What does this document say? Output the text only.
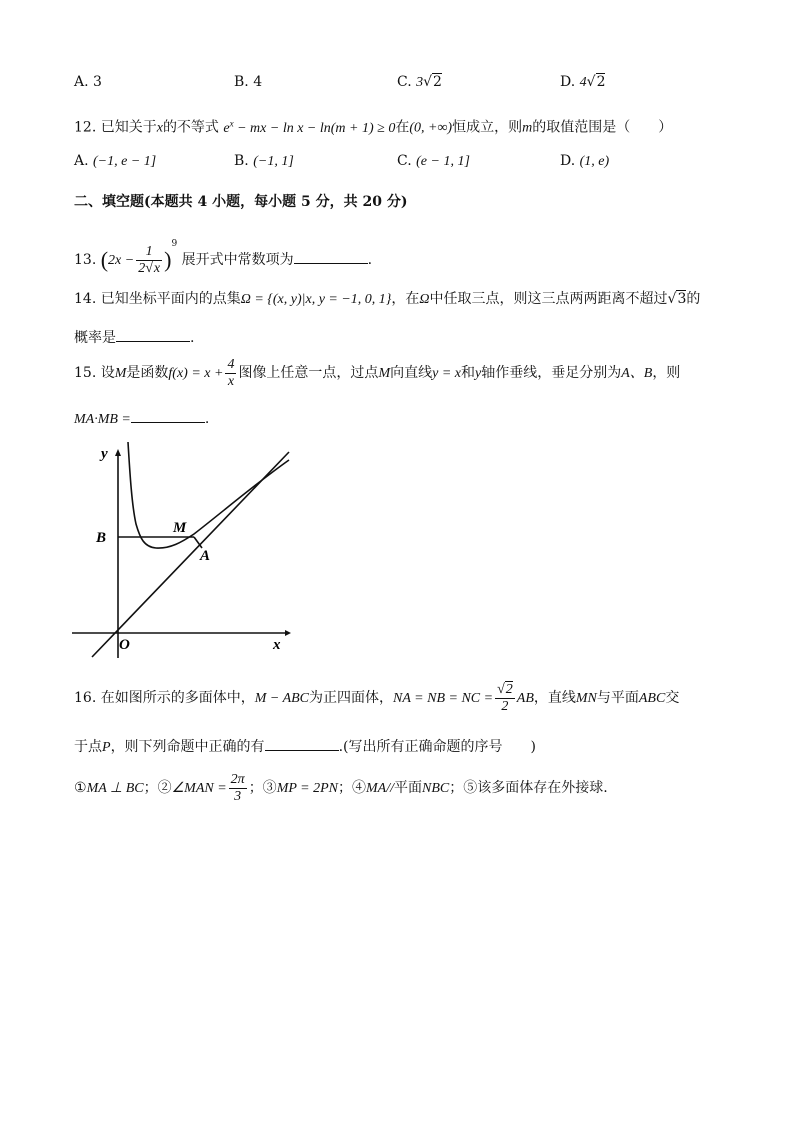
A. 3	B. 4	C. 3√2	D. 4√2
12. 已知关于x的不等式 $e^x$ − mx − ln x − ln(m + 1) ≥ 0在(0, +∞)恒成立，则m的取值范围是（　　）
A. (−1, e − 1]	B. (−1, 1]	C. (e − 1, 1]	D. (1, e)
二、填空题(本题共 4 小题，每小题 5 分，共 20 分)
13. $(2x - \frac{1}{2√x} )^9$ 展开式中常数项为	.
14. 已知坐标平面内的点集Ω = {(x, y)|x, y = −1, 0, 1}，在Ω中任取三点，则这三点两两距离不超过√3的
概率是	.
15. 设M是函数$f(x) = x + \frac{4}{x}$ 图像上任意一点，过点M向直线y = x和y轴作垂线，垂足分别为A、B，则
MA·MB =	.
y
x
O
B
M
A
16. 在如图所示的多面体中，M − ABC为正四面体，NA = NB = NC = $\frac{√2}{2}$ AB，直线MN与平面ABC交
于点P，则下列命题中正确的有	.(写出所有正确命题的序号　　)
①MA ⊥ BC；②∠MAN = $\frac{2\pi}{3}$ ；③MP = 2PN；④MA//平面NBC；⑤该多面体存在外接球.
